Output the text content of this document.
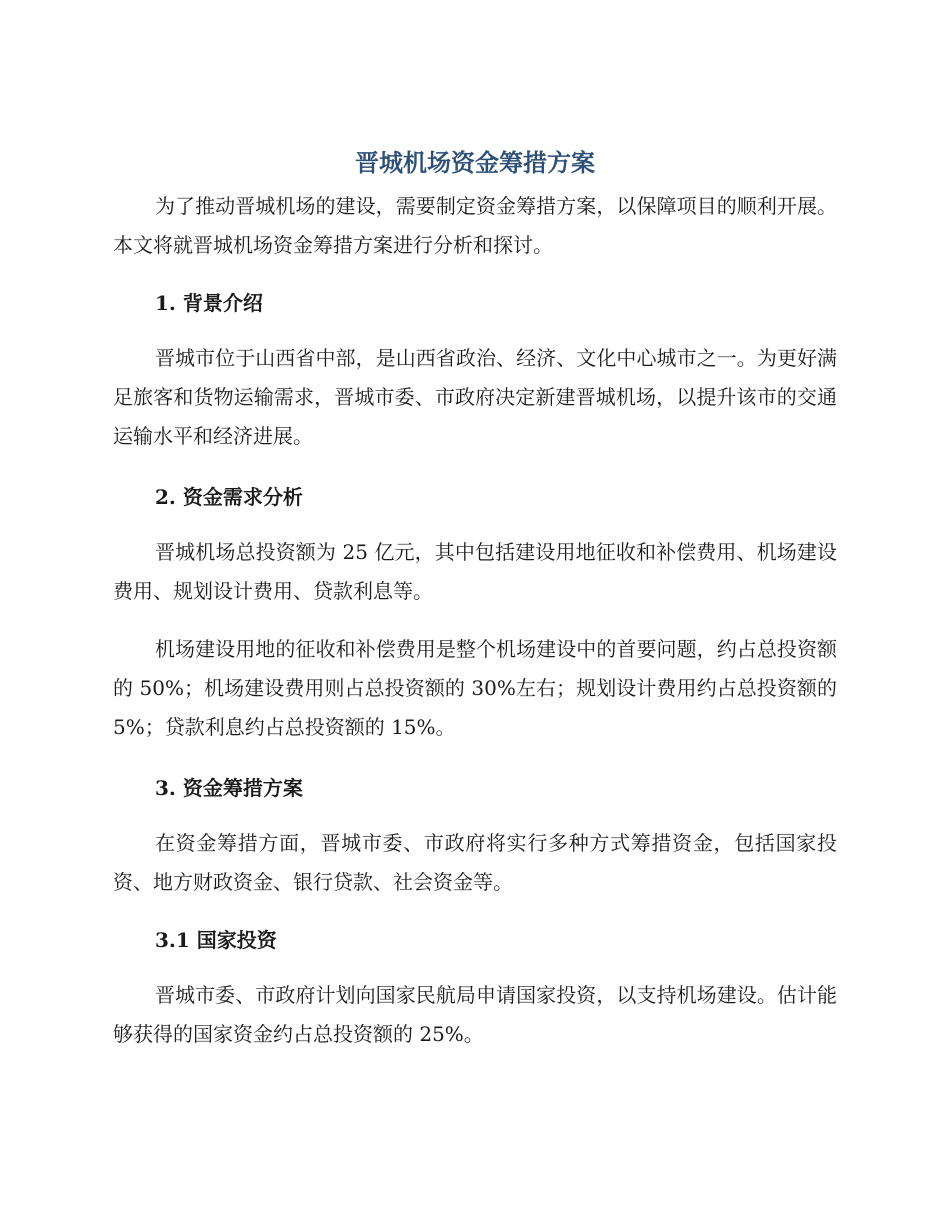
晋城机场资金筹措方案

为了推动晋城机场的建设，需要制定资金筹措方案，以保障项目的顺利开展。本文将就晋城机场资金筹措方案进行分析和探讨。

1. 背景介绍

晋城市位于山西省中部，是山西省政治、经济、文化中心城市之一。为更好满足旅客和货物运输需求，晋城市委、市政府决定新建晋城机场，以提升该市的交通运输水平和经济进展。

2. 资金需求分析

晋城机场总投资额为 25 亿元，其中包括建设用地征收和补偿费用、机场建设费用、规划设计费用、贷款利息等。

机场建设用地的征收和补偿费用是整个机场建设中的首要问题，约占总投资额的 50%；机场建设费用则占总投资额的 30%左右；规划设计费用约占总投资额的 5%；贷款利息约占总投资额的 15%。

3. 资金筹措方案

在资金筹措方面，晋城市委、市政府将实行多种方式筹措资金，包括国家投资、地方财政资金、银行贷款、社会资金等。

3.1 国家投资

晋城市委、市政府计划向国家民航局申请国家投资，以支持机场建设。估计能够获得的国家资金约占总投资额的 25%。
